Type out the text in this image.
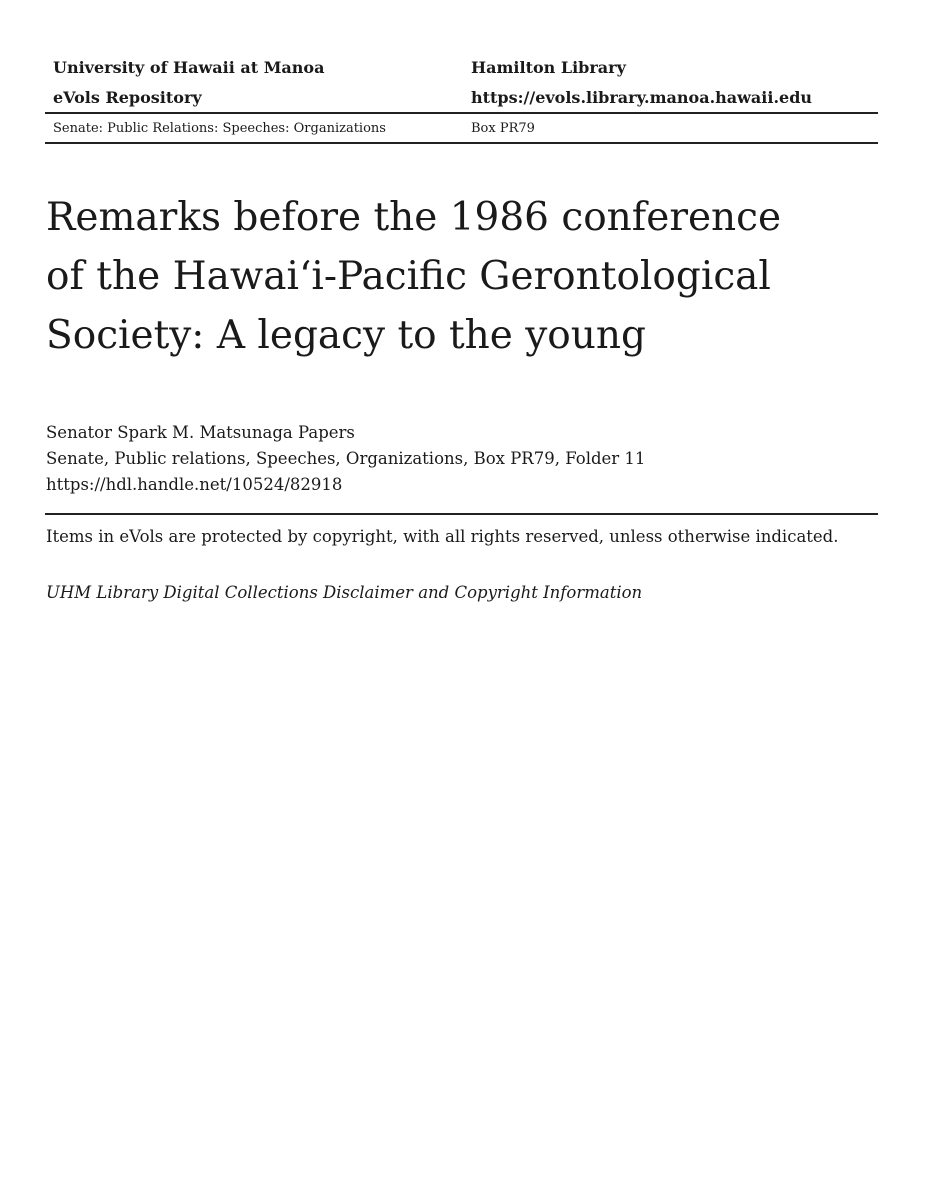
University of Hawaii at Manoa	Hamilton Library
eVols Repository	https://evols.library.manoa.hawaii.edu
Senate: Public Relations: Speeches: Organizations	Box PR79
Remarks before the 1986 conference
of the Hawai‘i-Pacific Gerontological
Society: A legacy to the young
Senator Spark M. Matsunaga Papers
Senate, Public relations, Speeches, Organizations, Box PR79, Folder 11
https://hdl.handle.net/10524/82918
Items in eVols are protected by copyright, with all rights reserved, unless otherwise indicated.
UHM Library Digital Collections Disclaimer and Copyright Information
